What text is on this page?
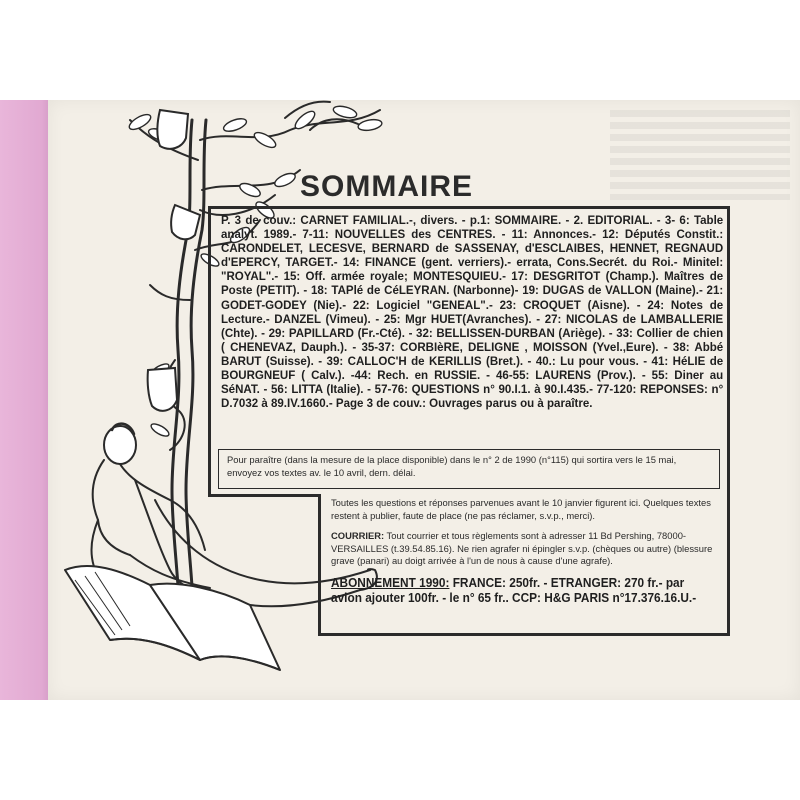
SOMMAIRE

P. 3 de couv.: CARNET FAMILIAL.-, divers. - p.1: SOMMAIRE. - 2. EDITORIAL. - 3- 6: Table analyt. 1989.- 7-11: NOUVELLES des CENTRES. - 11: Annonces.- 12: Députés Constit.: CARONDELET, LECESVE, BERNARD de SASSENAY, d'ESCLAIBES, HENNET, REGNAUD d'EPERCY, TARGET.- 14: FINANCE (gent. verriers).- errata, Cons.Secrét. du Roi.- Minitel: "ROYAL".- 15: Off. armée royale; MONTESQUIEU.- 17: DESGRITOT (Champ.). Maîtres de Poste (PETIT). - 18: TAPlé de CéLEYRAN. (Narbonne)- 19: DUGAS de VALLON (Maine).- 21: GODET-GODEY (Nie).- 22: Logiciel "GENEAL".- 23: CROQUET (Aisne). - 24: Notes de Lecture.- DANZEL (Vimeu). - 25: Mgr HUET(Avranches). - 27: NICOLAS de LAMBALLERIE (Chte). - 29: PAPILLARD (Fr.-Cté). - 32: BELLISSEN-DURBAN (Ariège). - 33: Collier de chien ( CHENEVAZ, Dauph.). - 35-37: CORBIèRE, DELIGNE , MOISSON (Yvel.,Eure). - 38: Abbé BARUT (Suisse). - 39: CALLOC'H de KERILLIS (Bret.). - 40.: Lu pour vous. - 41: HéLIE de BOURGNEUF ( Calv.). -44: Rech. en RUSSIE. - 46-55: LAURENS (Prov.). - 55: Diner au SéNAT. - 56: LITTA (Italie). - 57-76: QUESTIONS n° 90.I.1. à 90.I.435.- 77-120: REPONSES: n° D.7032 à 89.IV.1660.- Page 3 de couv.: Ouvrages parus ou à paraître.

Pour paraître (dans la mesure de la place disponible) dans le n° 2 de 1990 (n°115) qui sortira vers le 15 mai, envoyez vos textes av. le 10 avril, dern. délai.

Toutes les questions et réponses parvenues avant le 10 janvier figurent ici. Quelques textes restent à publier, faute de place (ne pas réclamer, s.v.p., merci).

COURRIER: Tout courrier et tous règlements sont à adresser 11 Bd Pershing, 78000-VERSAILLES (t.39.54.85.16). Ne rien agrafer ni épingler s.v.p. (chèques ou autre) (blessure grave (panari) au doigt arrivée à l'un de nous à cause d'une agrafe).

ABONNEMENT 1990: FRANCE: 250fr. - ETRANGER: 270 fr.- par avion ajouter 100fr. - le n° 65 fr.. CCP: H&G PARIS n°17.376.16.U.-
